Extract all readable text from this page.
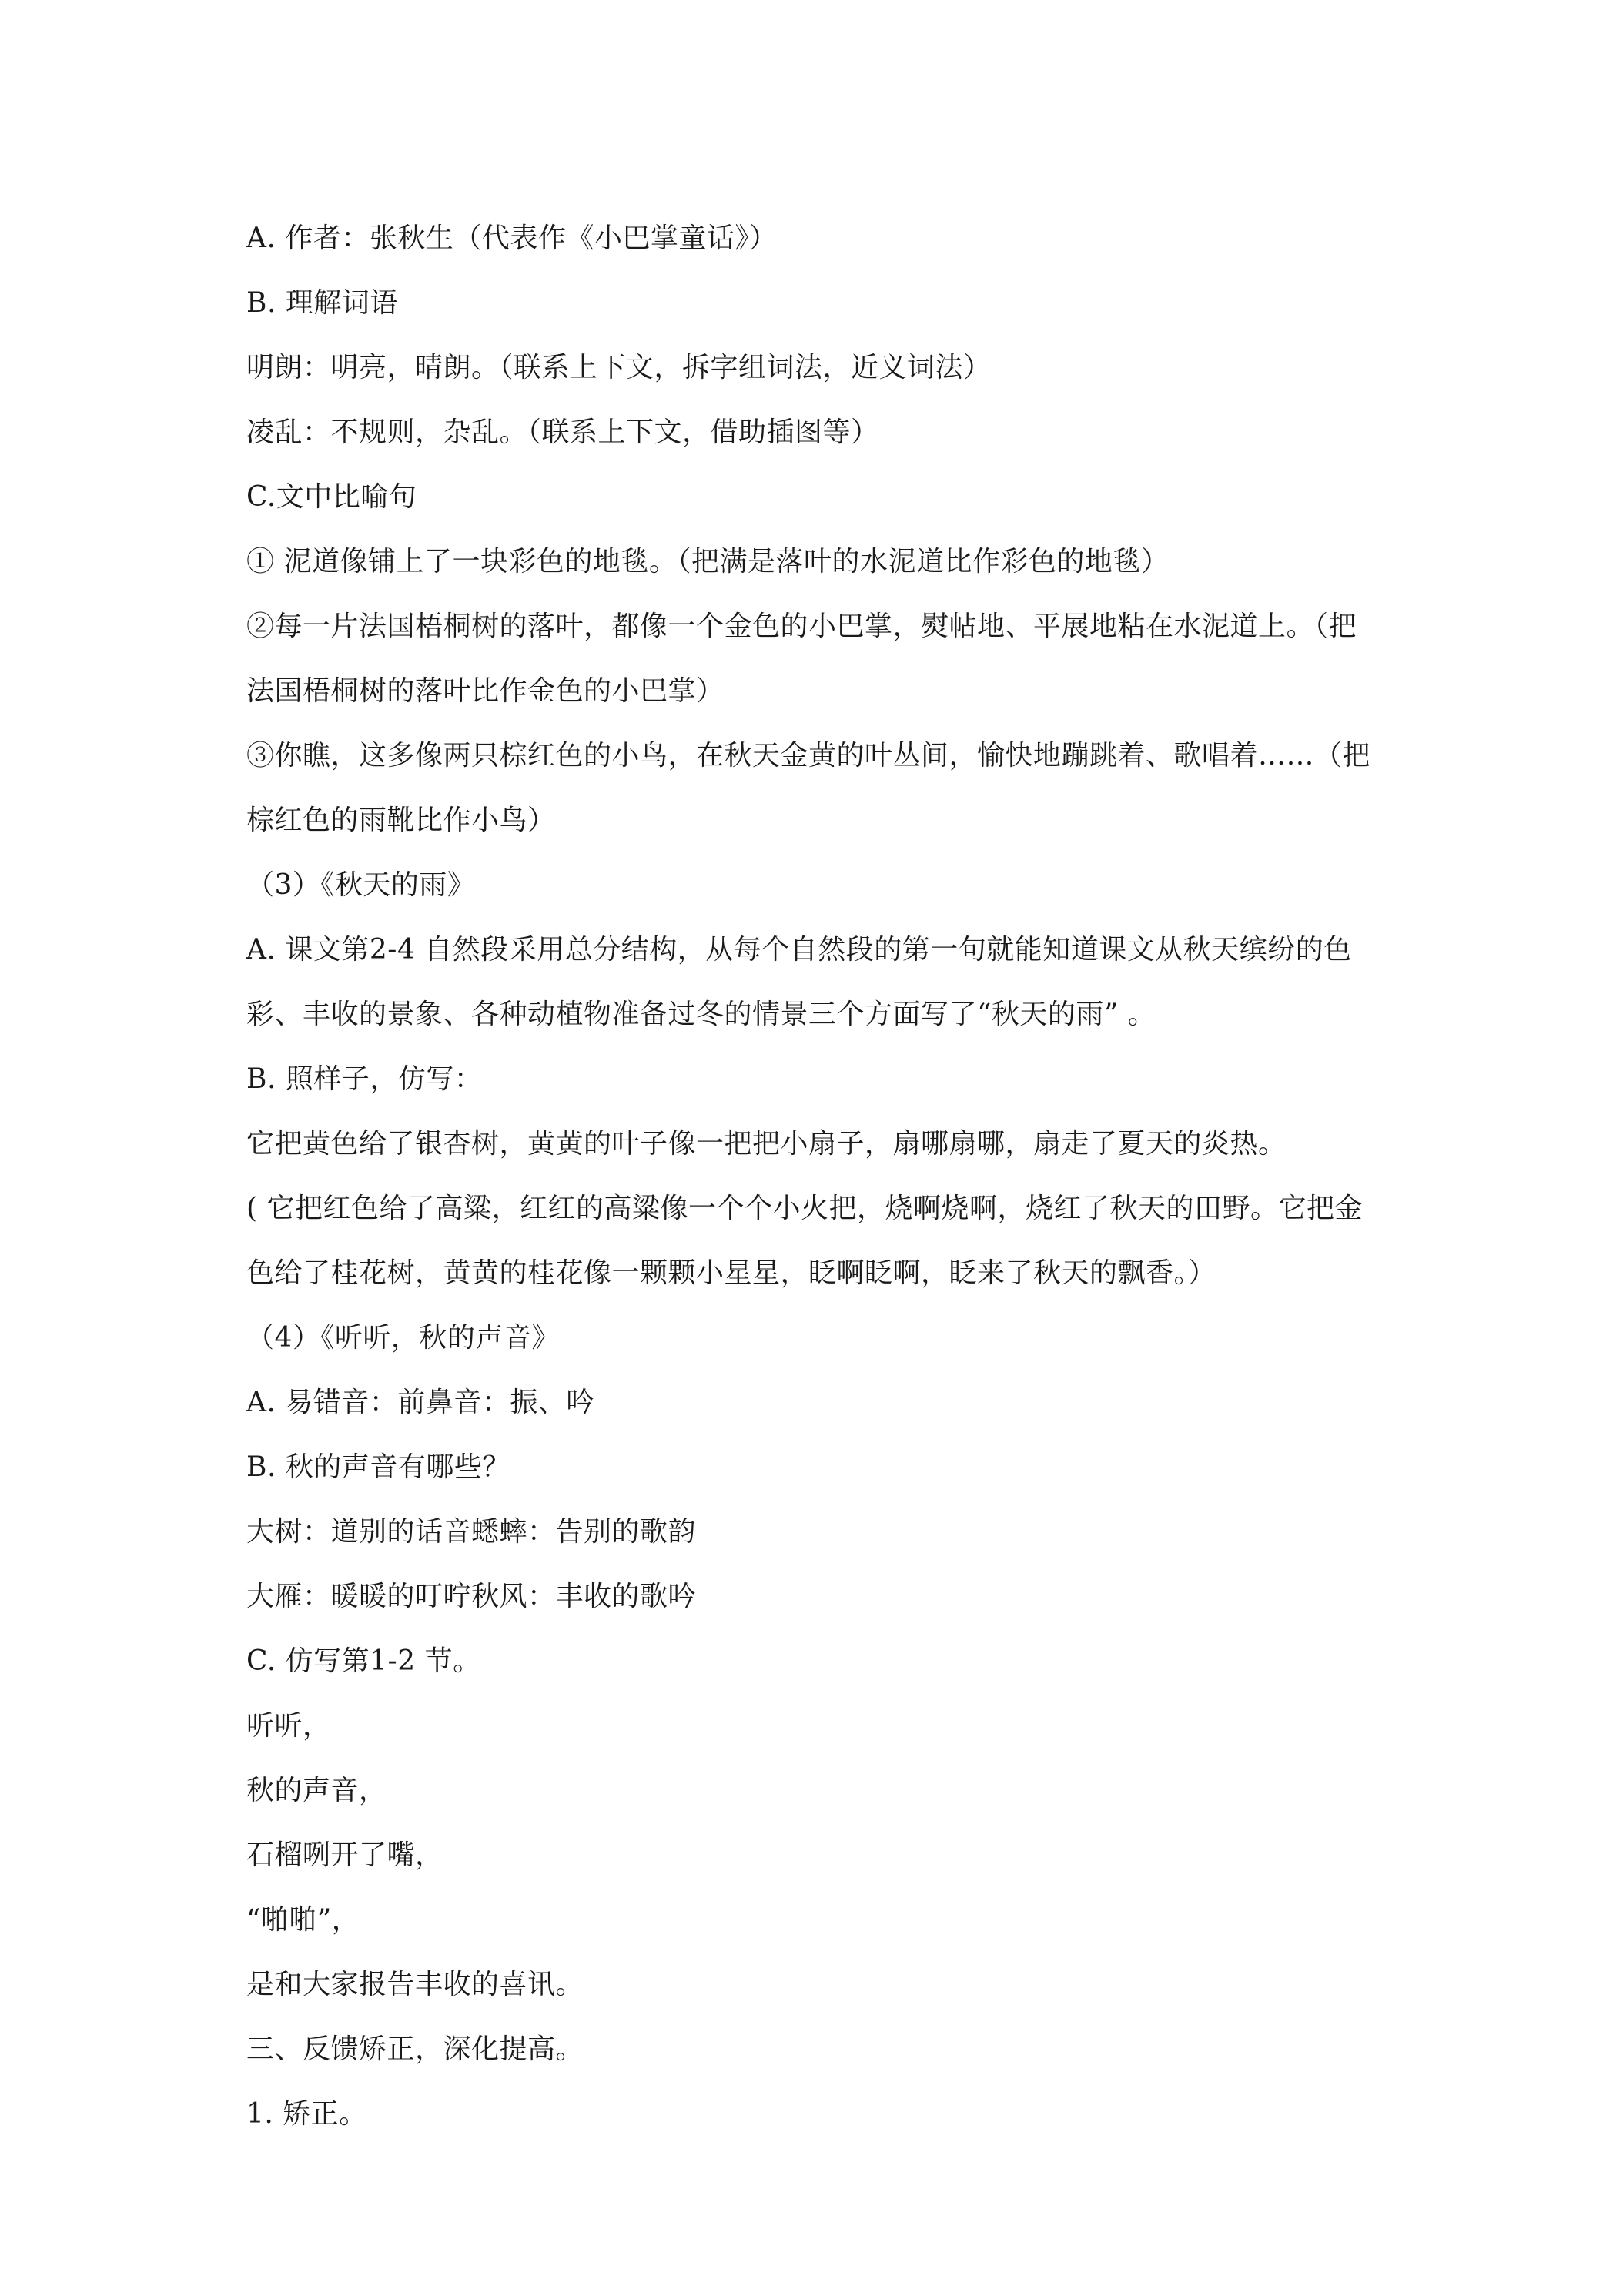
A. 作者：张秋生（代表作《小巴掌童话》）
B. 理解词语
明朗：明亮，晴朗。（联系上下文，拆字组词法，近义词法）
凌乱：不规则，杂乱。（联系上下文，借助插图等）
C.文中比喻句
① 泥道像铺上了一块彩色的地毯。（把满是落叶的水泥道比作彩色的地毯）
②每一片法国梧桐树的落叶，都像一个金色的小巴掌，熨帖地、平展地粘在水泥道上。（把
法国梧桐树的落叶比作金色的小巴掌）
③你瞧，这多像两只棕红色的小鸟，在秋天金黄的叶丛间，愉快地蹦跳着、歌唱着……（把
棕红色的雨靴比作小鸟）
（3）《秋天的雨》
A. 课文第2-4 自然段采用总分结构，从每个自然段的第一句就能知道课文从秋天缤纷的色
彩、丰收的景象、各种动植物准备过冬的情景三个方面写了“秋天的雨” 。
B. 照样子，仿写：
它把黄色给了银杏树，黄黄的叶子像一把把小扇子，扇哪扇哪，扇走了夏天的炎热。
( 它把红色给了高粱，红红的高粱像一个个小火把，烧啊烧啊，烧红了秋天的田野。它把金
色给了桂花树，黄黄的桂花像一颗颗小星星，眨啊眨啊，眨来了秋天的飘香。）
（4）《听听，秋的声音》
A. 易错音：前鼻音：振、吟
B. 秋的声音有哪些？
大树：道别的话音蟋蟀：告别的歌韵
大雁：暖暖的叮咛秋风：丰收的歌吟
C. 仿写第1-2 节。
听听，
秋的声音，
石榴咧开了嘴，
“啪啪”，
是和大家报告丰收的喜讯。
三、反馈矫正，深化提高。
1. 矫正。
